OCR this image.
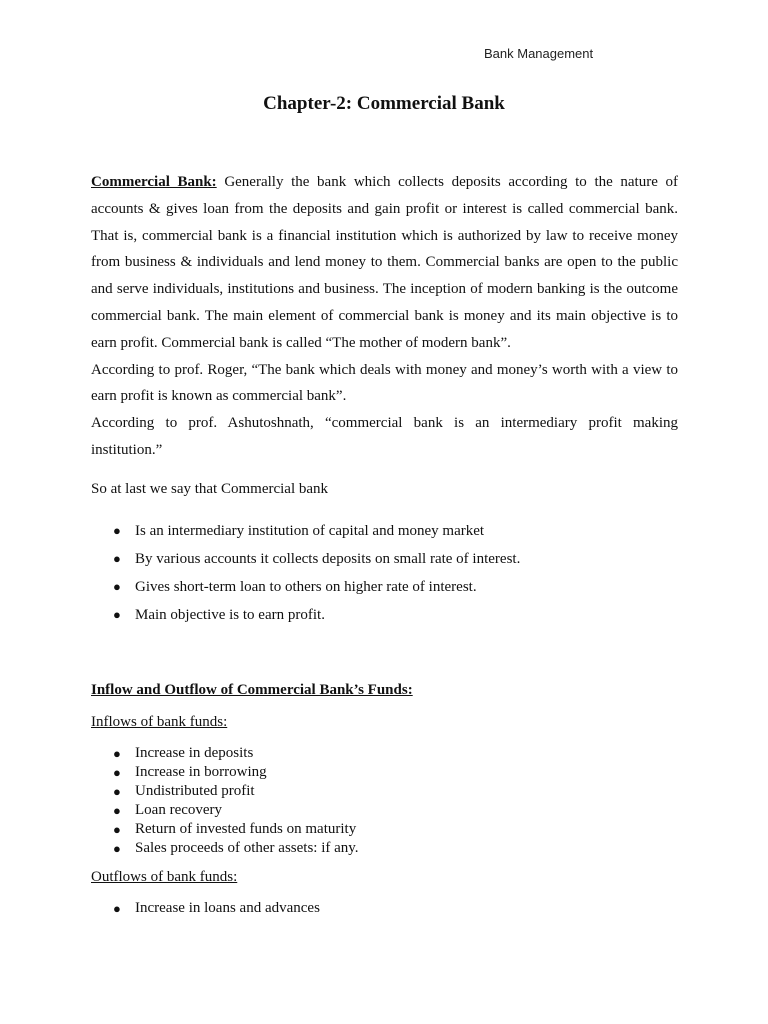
Bank Management
Chapter-2: Commercial Bank

Commercial Bank: Generally the bank which collects deposits according to the nature of accounts & gives loan from the deposits and gain profit or interest is called commercial bank. That is, commercial bank is a financial institution which is authorized by law to receive money from business & individuals and lend money to them. Commercial banks are open to the public and serve individuals, institutions and business. The inception of modern banking is the outcome commercial bank. The main element of commercial bank is money and its main objective is to earn profit. Commercial bank is called “The mother of modern bank”.

According to prof. Roger, “The bank which deals with money and money’s worth with a view to earn profit is known as commercial bank”.

According to prof. Ashutoshnath, “commercial bank is an intermediary profit making institution.”

So at last we say that Commercial bank

● Is an intermediary institution of capital and money market
● By various accounts it collects deposits on small rate of interest.
● Gives short-term loan to others on higher rate of interest.
● Main objective is to earn profit.

Inflow and Outflow of Commercial Bank’s Funds:

Inflows of bank funds:

● Increase in deposits
● Increase in borrowing
● Undistributed profit
● Loan recovery
● Return of invested funds on maturity
● Sales proceeds of other assets: if any.

Outflows of bank funds:

● Increase in loans and advances
